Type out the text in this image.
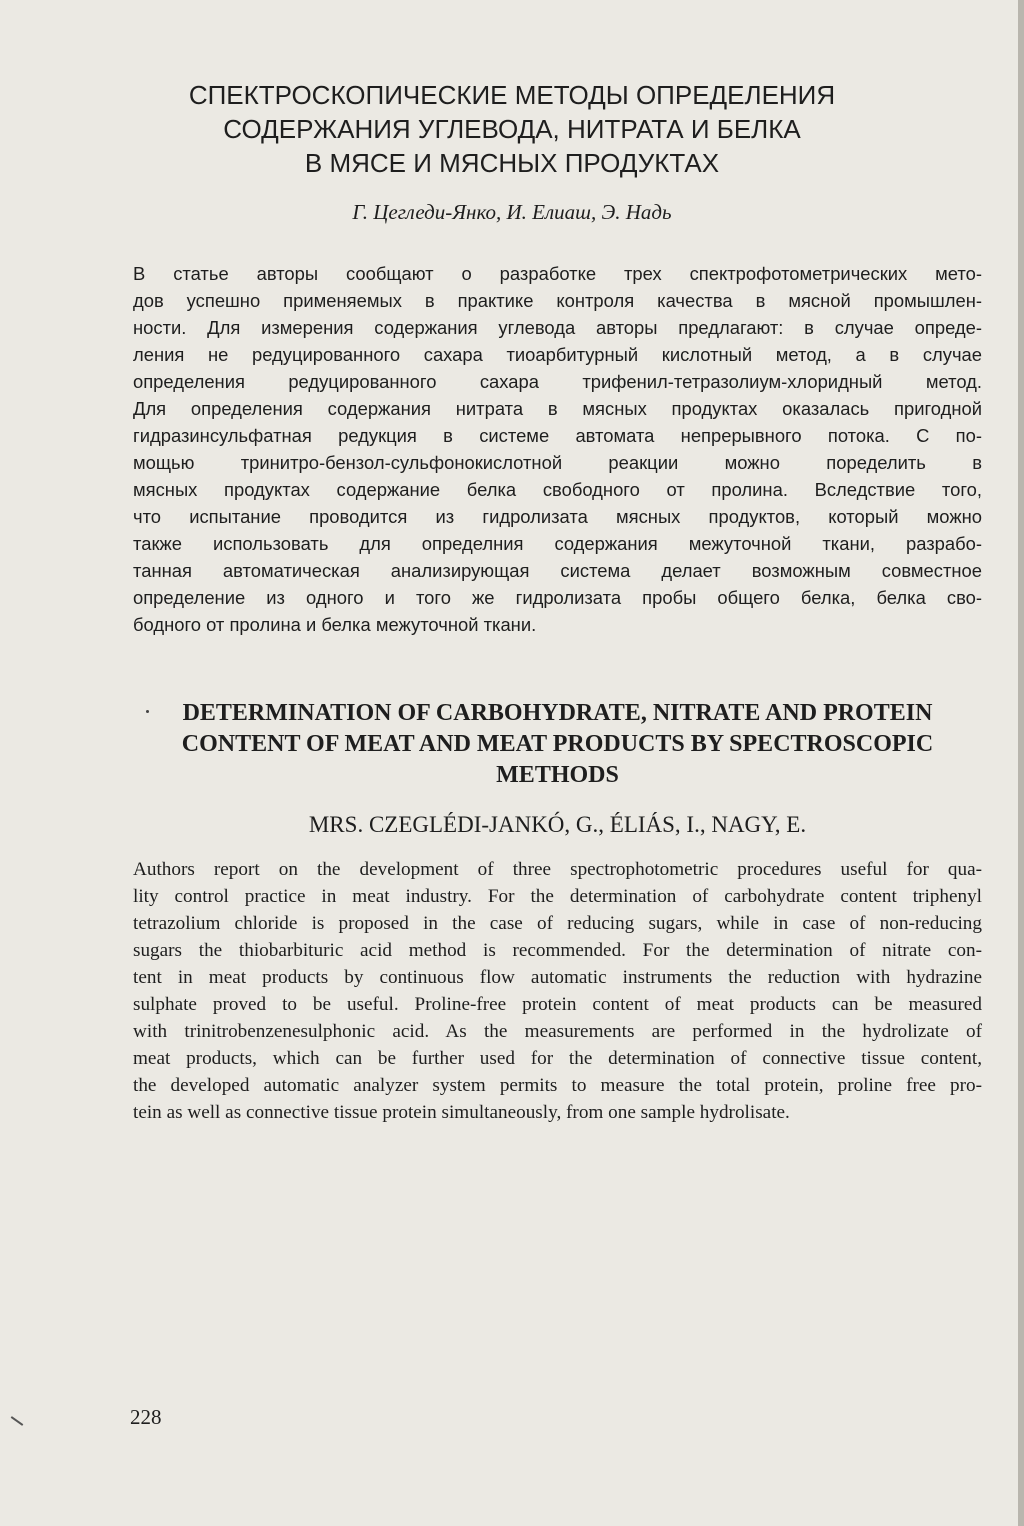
СПЕКТРОСКОПИЧЕСКИЕ МЕТОДЫ ОПРЕДЕЛЕНИЯ
СОДЕРЖАНИЯ УГЛЕВОДА, НИТРАТА И БЕЛКА
В МЯСЕ И МЯСНЫХ ПРОДУКТАХ
Г. Цегледи-Янко, И. Елиаш, Э. Надь
В статье авторы сообщают о разработке трех спектрофотометрических мето-
дов успешно применяемых в практике контроля качества в мясной промышлен-
ности. Для измерения содержания углевода авторы предлагают: в случае опреде-
ления не редуцированного сахара тиоарбитурный кислотный метод, а в случае
определения редуцированного сахара трифенил-тетразолиум-хлоридный метод.
Для определения содержания нитрата в мясных продуктах оказалась пригодной
гидразинсульфатная редукция в системе автомата непрерывного потока. С по-
мощью тринитро-бензол-сульфонокислотной реакции можно поределить в
мясных продуктах содержание белка свободного от пролина. Вследствие того,
что испытание проводится из гидролизата мясных продуктов, который можно
также использовать для определния содержания межуточной ткани, разрабо-
танная автоматическая анализирующая система делает возможным совместное
определение из одного и того же гидролизата пробы общего белка, белка сво-
бодного от пролина и белка межуточной ткани.
DETERMINATION OF CARBOHYDRATE, NITRATE AND PROTEIN
CONTENT OF MEAT AND MEAT PRODUCTS BY SPECTROSCOPIC
METHODS
MRS. CZEGLÉDI-JANKÓ, G., ÉLIÁS, I., NAGY, E.
Authors report on the development of three spectrophotometric procedures useful for qua-
lity control practice in meat industry. For the determination of carbohydrate content triphenyl
tetrazolium chloride is proposed in the case of reducing sugars, while in case of non-reducing
sugars the thiobarbituric acid method is recommended. For the determination of nitrate con-
tent in meat products by continuous flow automatic instruments the reduction with hydrazine
sulphate proved to be useful. Proline-free protein content of meat products can be measured
with trinitrobenzenesulphonic acid. As the measurements are performed in the hydrolizate of
meat products, which can be further used for the determination of connective tissue content,
the developed automatic analyzer system permits to measure the total protein, proline free pro-
tein as well as connective tissue protein simultaneously, from one sample hydrolisate.
228
